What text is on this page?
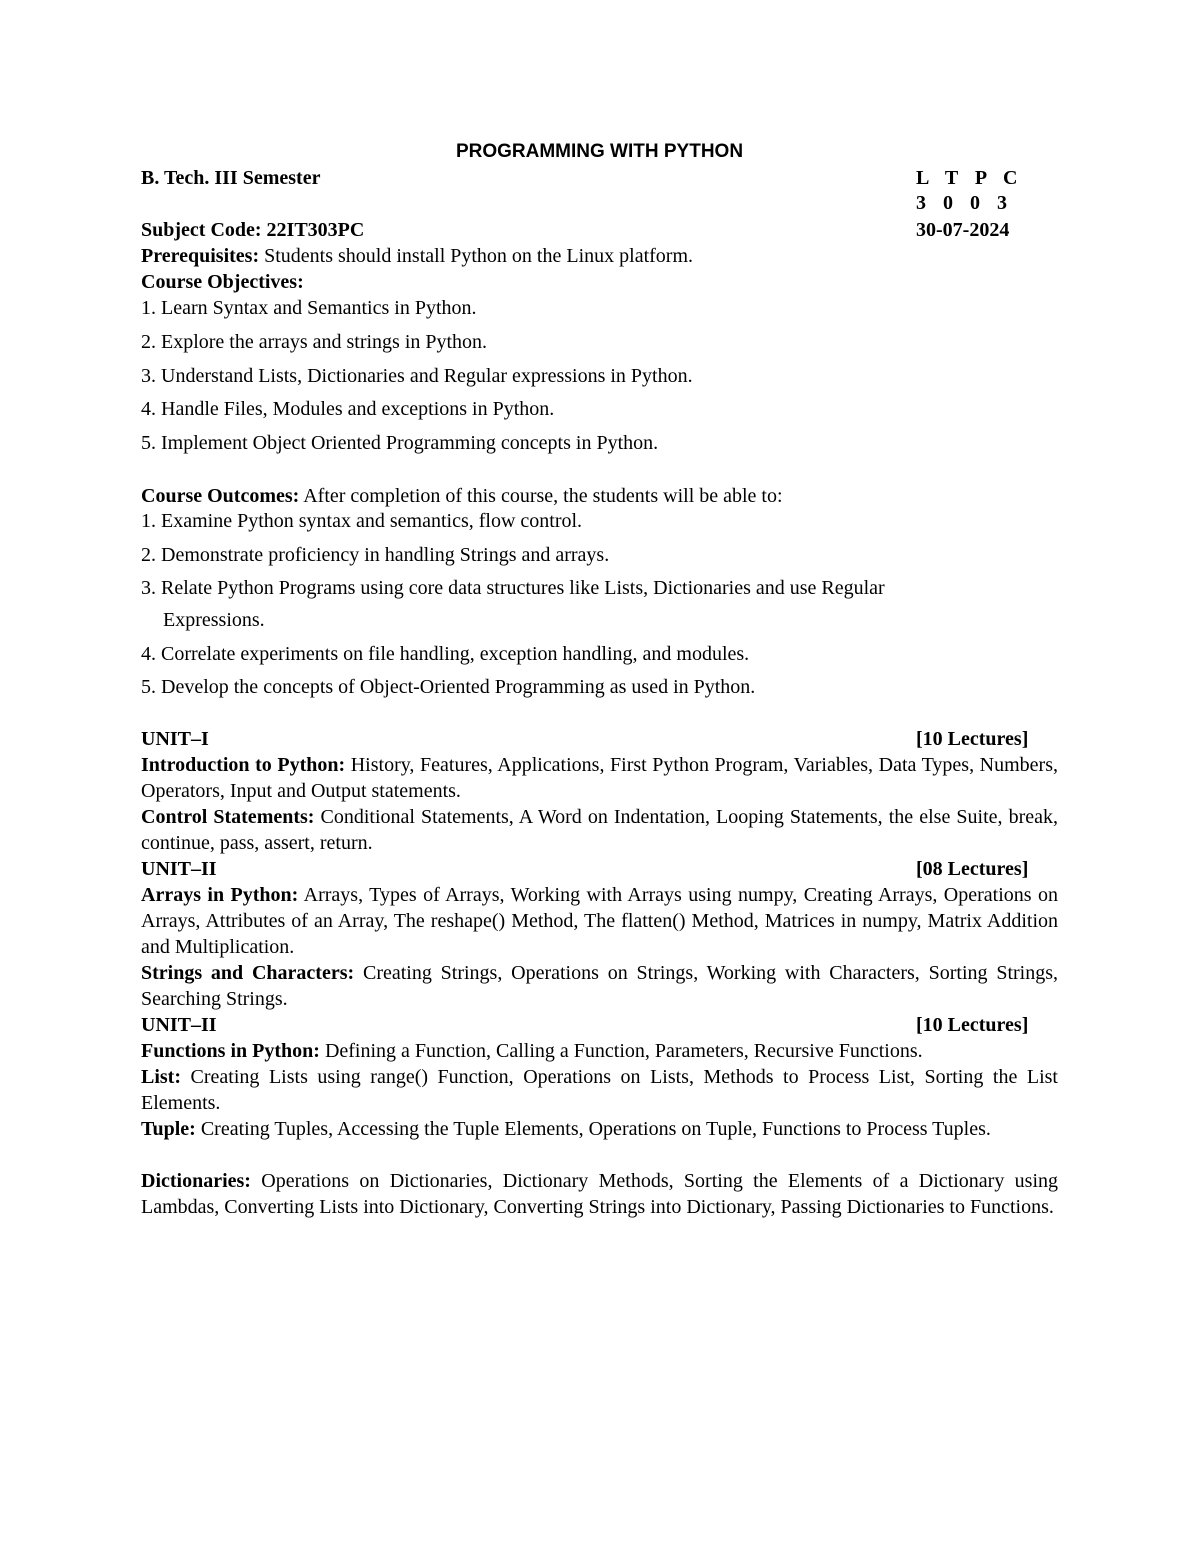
PROGRAMMING WITH PYTHON
B. Tech. III Semester	L T P C
3 0 0 3
Subject Code: 22IT303PC	30-07-2024
Prerequisites: Students should install Python on the Linux platform.
Course Objectives:
1. Learn Syntax and Semantics in Python.
2. Explore the arrays and strings in Python.
3. Understand Lists, Dictionaries and Regular expressions in Python.
4. Handle Files, Modules and exceptions in Python.
5. Implement Object Oriented Programming concepts in Python.
Course Outcomes: After completion of this course, the students will be able to:
1. Examine Python syntax and semantics, flow control.
2. Demonstrate proficiency in handling Strings and arrays.
3. Relate Python Programs using core data structures like Lists, Dictionaries and use Regular
Expressions.
4. Correlate experiments on file handling, exception handling, and modules.
5. Develop the concepts of Object-Oriented Programming as used in Python.
UNIT–I	[10 Lectures]
Introduction to Python: History, Features, Applications, First Python Program, Variables, Data Types, Numbers, Operators, Input and Output statements.
Control Statements: Conditional Statements, A Word on Indentation, Looping Statements, the else Suite, break, continue, pass, assert, return.
UNIT–II	[08 Lectures]
Arrays in Python: Arrays, Types of Arrays, Working with Arrays using numpy, Creating Arrays, Operations on Arrays, Attributes of an Array, The reshape() Method, The flatten() Method, Matrices in numpy, Matrix Addition and Multiplication.
Strings and Characters: Creating Strings, Operations on Strings, Working with Characters, Sorting Strings, Searching Strings.
UNIT–II	[10 Lectures]
Functions in Python: Defining a Function, Calling a Function, Parameters, Recursive Functions.
List: Creating Lists using range() Function, Operations on Lists, Methods to Process List, Sorting the List Elements.
Tuple: Creating Tuples, Accessing the Tuple Elements, Operations on Tuple, Functions to Process Tuples.
Dictionaries: Operations on Dictionaries, Dictionary Methods, Sorting the Elements of a Dictionary using Lambdas, Converting Lists into Dictionary, Converting Strings into Dictionary, Passing Dictionaries to Functions.
